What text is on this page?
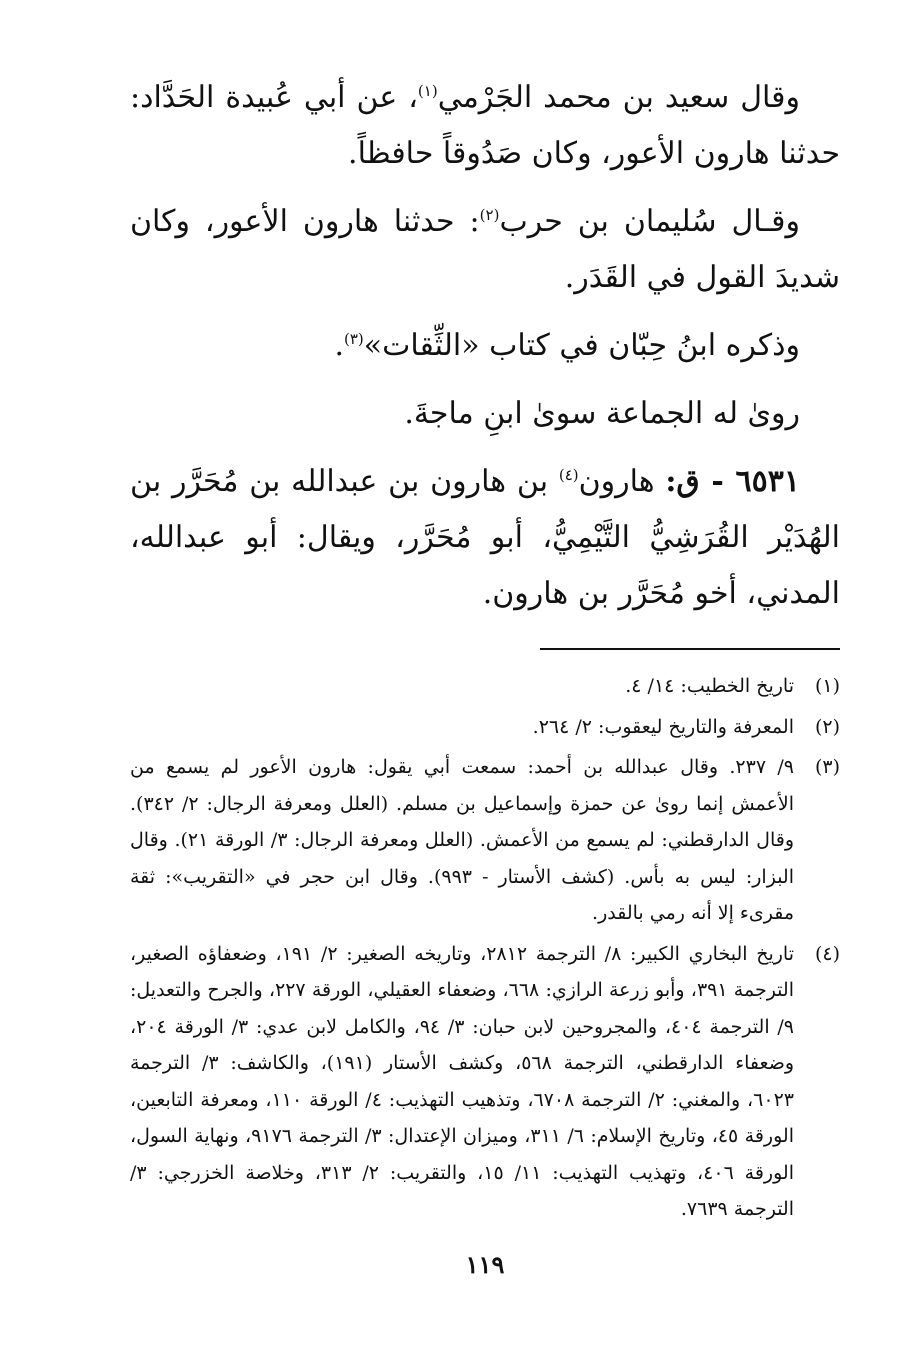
وقال سعيد بن محمد الجَرْمي$^{(١)}$، عن أبي عُبيدة الحَدَّاد: حدثنا هارون الأعور، وكان صَدُوقاً حافظاً.

وقـال سُليمان بن حرب$^{(٢)}$: حدثنا هارون الأعور، وكان شديدَ القول في القَدَر.

وذكره ابنُ حِبّان في كتاب «الثِّقات»$^{(٣)}$.

روىٰ له الجماعة سوىٰ ابنِ ماجةَ.

٦٥٣١ - ق: هارون$^{(٤)}$ بن هارون بن عبدالله بن مُحَرَّر بن الهُدَيْر القُرَشِيُّ التَّيْمِيُّ، أبو مُحَرَّر، ويقال: أبو عبدالله، المدني، أخو مُحَرَّر بن هارون.

(١)
تاريخ الخطيب: ١٤/ ٤.
(٢)
المعرفة والتاريخ ليعقوب: ٢/ ٢٦٤.
(٣)
٩/ ٢٣٧. وقال عبدالله بن أحمد: سمعت أبي يقول: هارون الأعور لم يسمع من الأعمش إنما روىٰ عن حمزة وإسماعيل بن مسلم. (العلل ومعرفة الرجال: ٢/ ٣٤٢). وقال الدارقطني: لم يسمع من الأعمش. (العلل ومعرفة الرجال: ٣/ الورقة ٢١). وقال البزار: ليس به بأس. (كشف الأستار - ٩٩٣). وقال ابن حجر في «التقريب»: ثقة مقرىء إلا أنه رمي بالقدر.
(٤)
تاريخ البخاري الكبير: ٨/ الترجمة ٢٨١٢، وتاريخه الصغير: ٢/ ١٩١، وضعفاؤه الصغير، الترجمة ٣٩١، وأبو زرعة الرازي: ٦٦٨، وضعفاء العقيلي، الورقة ٢٢٧، والجرح والتعديل: ٩/ الترجمة ٤٠٤، والمجروحين لابن حبان: ٣/ ٩٤، والكامل لابن عدي: ٣/ الورقة ٢٠٤، وضعفاء الدارقطني، الترجمة ٥٦٨، وكشف الأستار (١٩١)، والكاشف: ٣/ الترجمة ٦٠٢٣، والمغني: ٢/ الترجمة ٦٧٠٨، وتذهيب التهذيب: ٤/ الورقة ١١٠، ومعرفة التابعين، الورقة ٤٥، وتاريخ الإسلام: ٦/ ٣١١، وميزان الإعتدال: ٣/ الترجمة ٩١٧٦، ونهاية السول، الورقة ٤٠٦، وتهذيب التهذيب: ١١/ ١٥، والتقريب: ٢/ ٣١٣، وخلاصة الخزرجي: ٣/ الترجمة ٧٦٣٩.
١١٩
